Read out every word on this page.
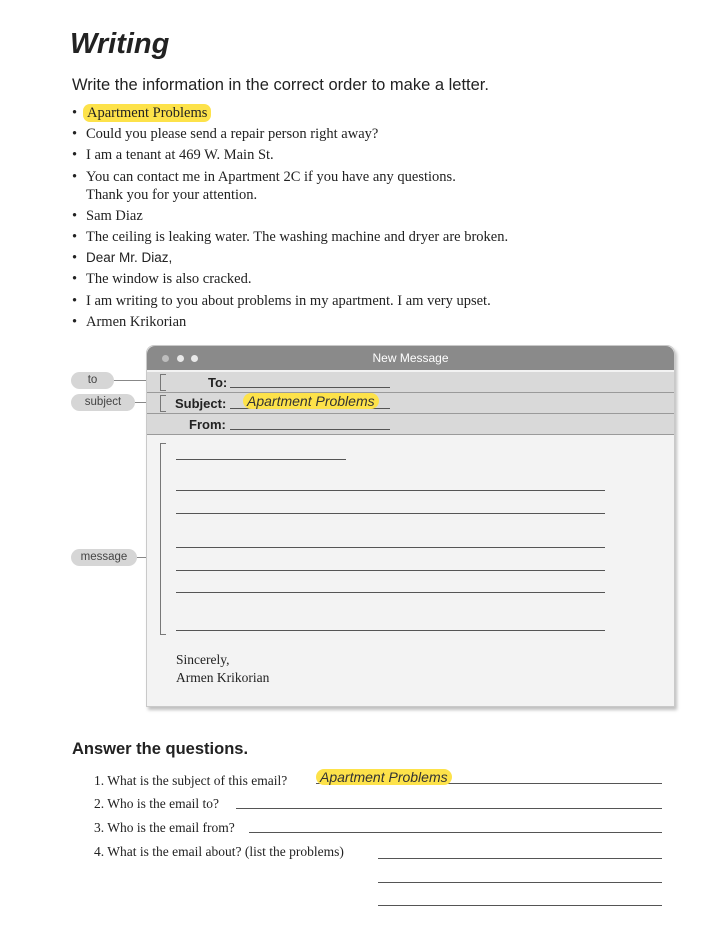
Writing

Write the information in the correct order to make a letter.

• Apartment Problems
• Could you please send a repair person right away?
• I am a tenant at 469 W. Main St.
• You can contact me in Apartment 2C if you have any questions.
Thank you for your attention.
• Sam Diaz
• The ceiling is leaking water. The washing machine and dryer are broken.
• Dear Mr. Diaz,
• The window is also cracked.
• I am writing to you about problems in my apartment. I am very upset.
• Armen Krikorian
to
subject
message
New Message
To:
Subject: Apartment Problems
From:
Sincerely,
Armen Krikorian
Answer the questions.
1. What is the subject of this email? Apartment Problems
2. Who is the email to?
3. Who is the email from?
4. What is the email about? (list the problems)
